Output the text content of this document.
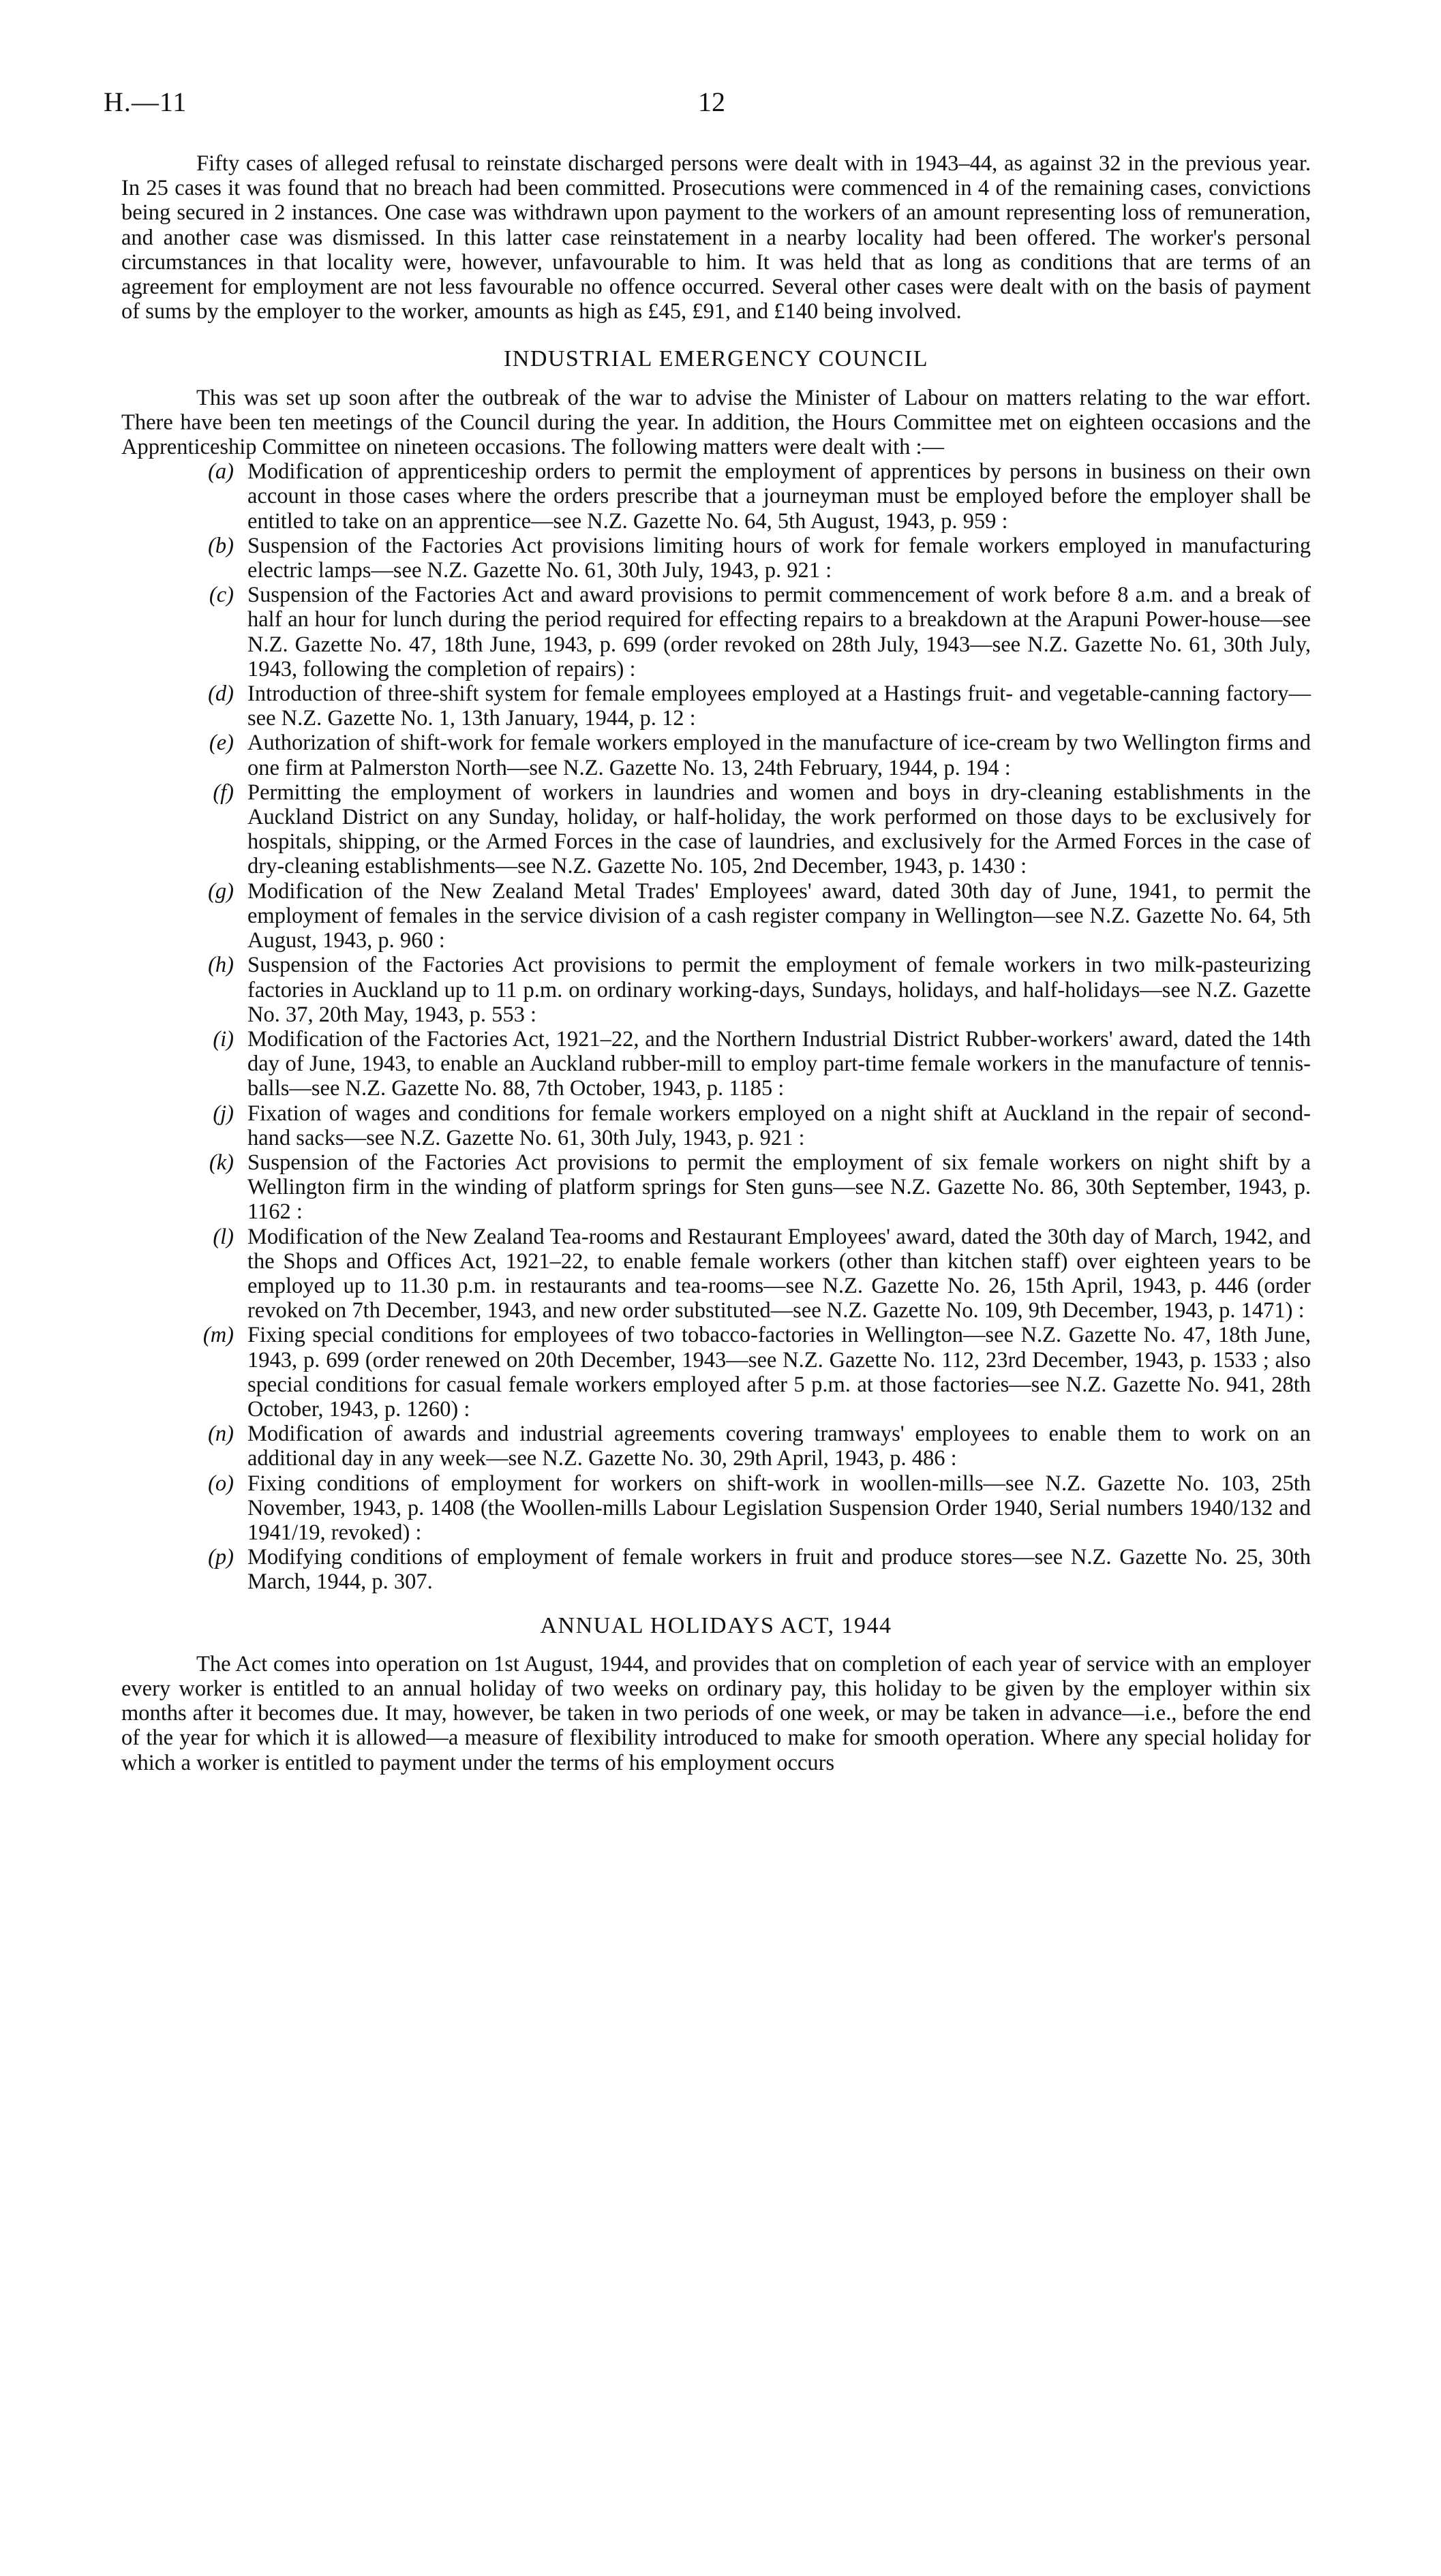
H.—11	12

Fifty cases of alleged refusal to reinstate discharged persons were dealt with in 1943–44, as against 32 in the previous year. In 25 cases it was found that no breach had been committed. Prosecutions were commenced in 4 of the remaining cases, convictions being secured in 2 instances. One case was withdrawn upon payment to the workers of an amount representing loss of remuneration, and another case was dismissed. In this latter case reinstatement in a nearby locality had been offered. The worker's personal circumstances in that locality were, however, unfavourable to him. It was held that as long as conditions that are terms of an agreement for employment are not less favourable no offence occurred. Several other cases were dealt with on the basis of payment of sums by the employer to the worker, amounts as high as £45, £91, and £140 being involved.

INDUSTRIAL EMERGENCY COUNCIL

This was set up soon after the outbreak of the war to advise the Minister of Labour on matters relating to the war effort. There have been ten meetings of the Council during the year. In addition, the Hours Committee met on eighteen occasions and the Apprenticeship Committee on nineteen occasions. The following matters were dealt with :—

(a) Modification of apprenticeship orders to permit the employment of apprentices by persons in business on their own account in those cases where the orders prescribe that a journeyman must be employed before the employer shall be entitled to take on an apprentice—see N.Z. Gazette No. 64, 5th August, 1943, p. 959 :
(b) Suspension of the Factories Act provisions limiting hours of work for female workers employed in manufacturing electric lamps—see N.Z. Gazette No. 61, 30th July, 1943, p. 921 :
(c) Suspension of the Factories Act and award provisions to permit commencement of work before 8 a.m. and a break of half an hour for lunch during the period required for effecting repairs to a breakdown at the Arapuni Power-house—see N.Z. Gazette No. 47, 18th June, 1943, p. 699 (order revoked on 28th July, 1943—see N.Z. Gazette No. 61, 30th July, 1943, following the completion of repairs) :
(d) Introduction of three-shift system for female employees employed at a Hastings fruit- and vegetable-canning factory—see N.Z. Gazette No. 1, 13th January, 1944, p. 12 :
(e) Authorization of shift-work for female workers employed in the manufacture of ice-cream by two Wellington firms and one firm at Palmerston North—see N.Z. Gazette No. 13, 24th February, 1944, p. 194 :
(f) Permitting the employment of workers in laundries and women and boys in dry-cleaning establishments in the Auckland District on any Sunday, holiday, or half-holiday, the work performed on those days to be exclusively for hospitals, shipping, or the Armed Forces in the case of laundries, and exclusively for the Armed Forces in the case of dry-cleaning establishments—see N.Z. Gazette No. 105, 2nd December, 1943, p. 1430 :
(g) Modification of the New Zealand Metal Trades' Employees' award, dated 30th day of June, 1941, to permit the employment of females in the service division of a cash register company in Wellington—see N.Z. Gazette No. 64, 5th August, 1943, p. 960 :
(h) Suspension of the Factories Act provisions to permit the employment of female workers in two milk-pasteurizing factories in Auckland up to 11 p.m. on ordinary working-days, Sundays, holidays, and half-holidays—see N.Z. Gazette No. 37, 20th May, 1943, p. 553 :
(i) Modification of the Factories Act, 1921–22, and the Northern Industrial District Rubber-workers' award, dated the 14th day of June, 1943, to enable an Auckland rubber-mill to employ part-time female workers in the manufacture of tennis-balls—see N.Z. Gazette No. 88, 7th October, 1943, p. 1185 :
(j) Fixation of wages and conditions for female workers employed on a night shift at Auckland in the repair of second-hand sacks—see N.Z. Gazette No. 61, 30th July, 1943, p. 921 :
(k) Suspension of the Factories Act provisions to permit the employment of six female workers on night shift by a Wellington firm in the winding of platform springs for Sten guns—see N.Z. Gazette No. 86, 30th September, 1943, p. 1162 :
(l) Modification of the New Zealand Tea-rooms and Restaurant Employees' award, dated the 30th day of March, 1942, and the Shops and Offices Act, 1921–22, to enable female workers (other than kitchen staff) over eighteen years to be employed up to 11.30 p.m. in restaurants and tea-rooms—see N.Z. Gazette No. 26, 15th April, 1943, p. 446 (order revoked on 7th December, 1943, and new order substituted—see N.Z. Gazette No. 109, 9th December, 1943, p. 1471) :
(m) Fixing special conditions for employees of two tobacco-factories in Wellington—see N.Z. Gazette No. 47, 18th June, 1943, p. 699 (order renewed on 20th December, 1943—see N.Z. Gazette No. 112, 23rd December, 1943, p. 1533 ; also special conditions for casual female workers employed after 5 p.m. at those factories—see N.Z. Gazette No. 941, 28th October, 1943, p. 1260) :
(n) Modification of awards and industrial agreements covering tramways' employees to enable them to work on an additional day in any week—see N.Z. Gazette No. 30, 29th April, 1943, p. 486 :
(o) Fixing conditions of employment for workers on shift-work in woollen-mills—see N.Z. Gazette No. 103, 25th November, 1943, p. 1408 (the Woollen-mills Labour Legislation Suspension Order 1940, Serial numbers 1940/132 and 1941/19, revoked) :
(p) Modifying conditions of employment of female workers in fruit and produce stores—see N.Z. Gazette No. 25, 30th March, 1944, p. 307.
ANNUAL HOLIDAYS ACT, 1944

The Act comes into operation on 1st August, 1944, and provides that on completion of each year of service with an employer every worker is entitled to an annual holiday of two weeks on ordinary pay, this holiday to be given by the employer within six months after it becomes due. It may, however, be taken in two periods of one week, or may be taken in advance—i.e., before the end of the year for which it is allowed—a measure of flexibility introduced to make for smooth operation. Where any special holiday for which a worker is entitled to payment under the terms of his employment occurs
